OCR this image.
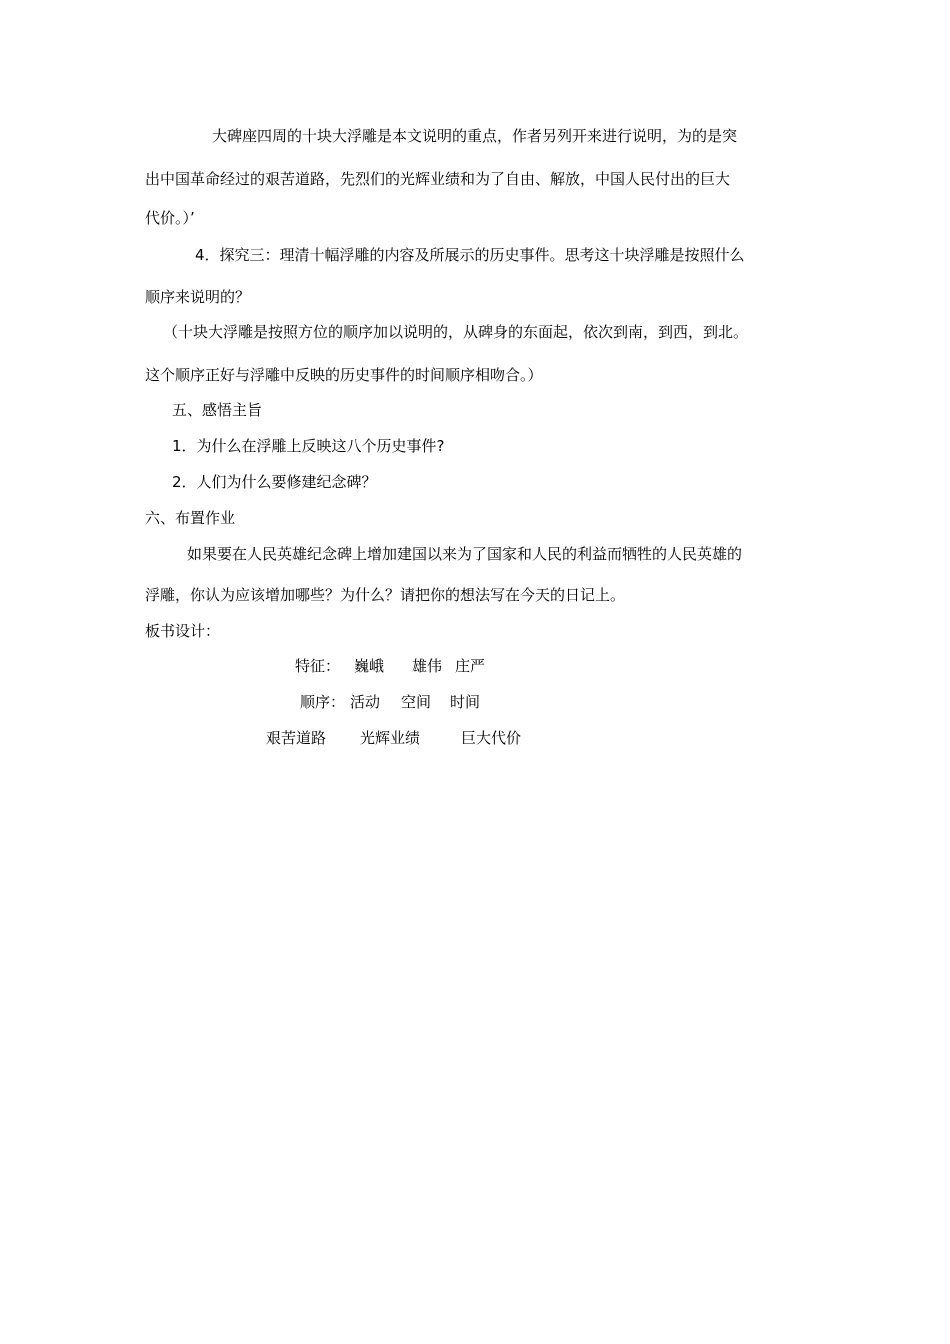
大碑座四周的十块大浮雕是本文说明的重点，作者另列开来进行说明，为的是突
出中国革命经过的艰苦道路，先烈们的光辉业绩和为了自由、解放，中国人民付出的巨大
代价。）’
4．探究三：理清十幅浮雕的内容及所展示的历史事件。思考这十块浮雕是按照什么
顺序来说明的？
（十块大浮雕是按照方位的顺序加以说明的，从碑身的东面起，依次到南，到西，到北。
这个顺序正好与浮雕中反映的历史事件的时间顺序相吻合。）
五、感悟主旨
1．为什么在浮雕上反映这八个历史事件?
2．人们为什么要修建纪念碑？
六、布置作业
如果要在人民英雄纪念碑上增加建国以来为了国家和人民的利益而牺牲的人民英雄的
浮雕，你认为应该增加哪些？为什么？请把你的想法写在今天的日记上。
板书设计：
特征： 巍峨 雄伟 庄严
顺序： 活动 空间 时间
艰苦道路 光辉业绩	巨大代价
